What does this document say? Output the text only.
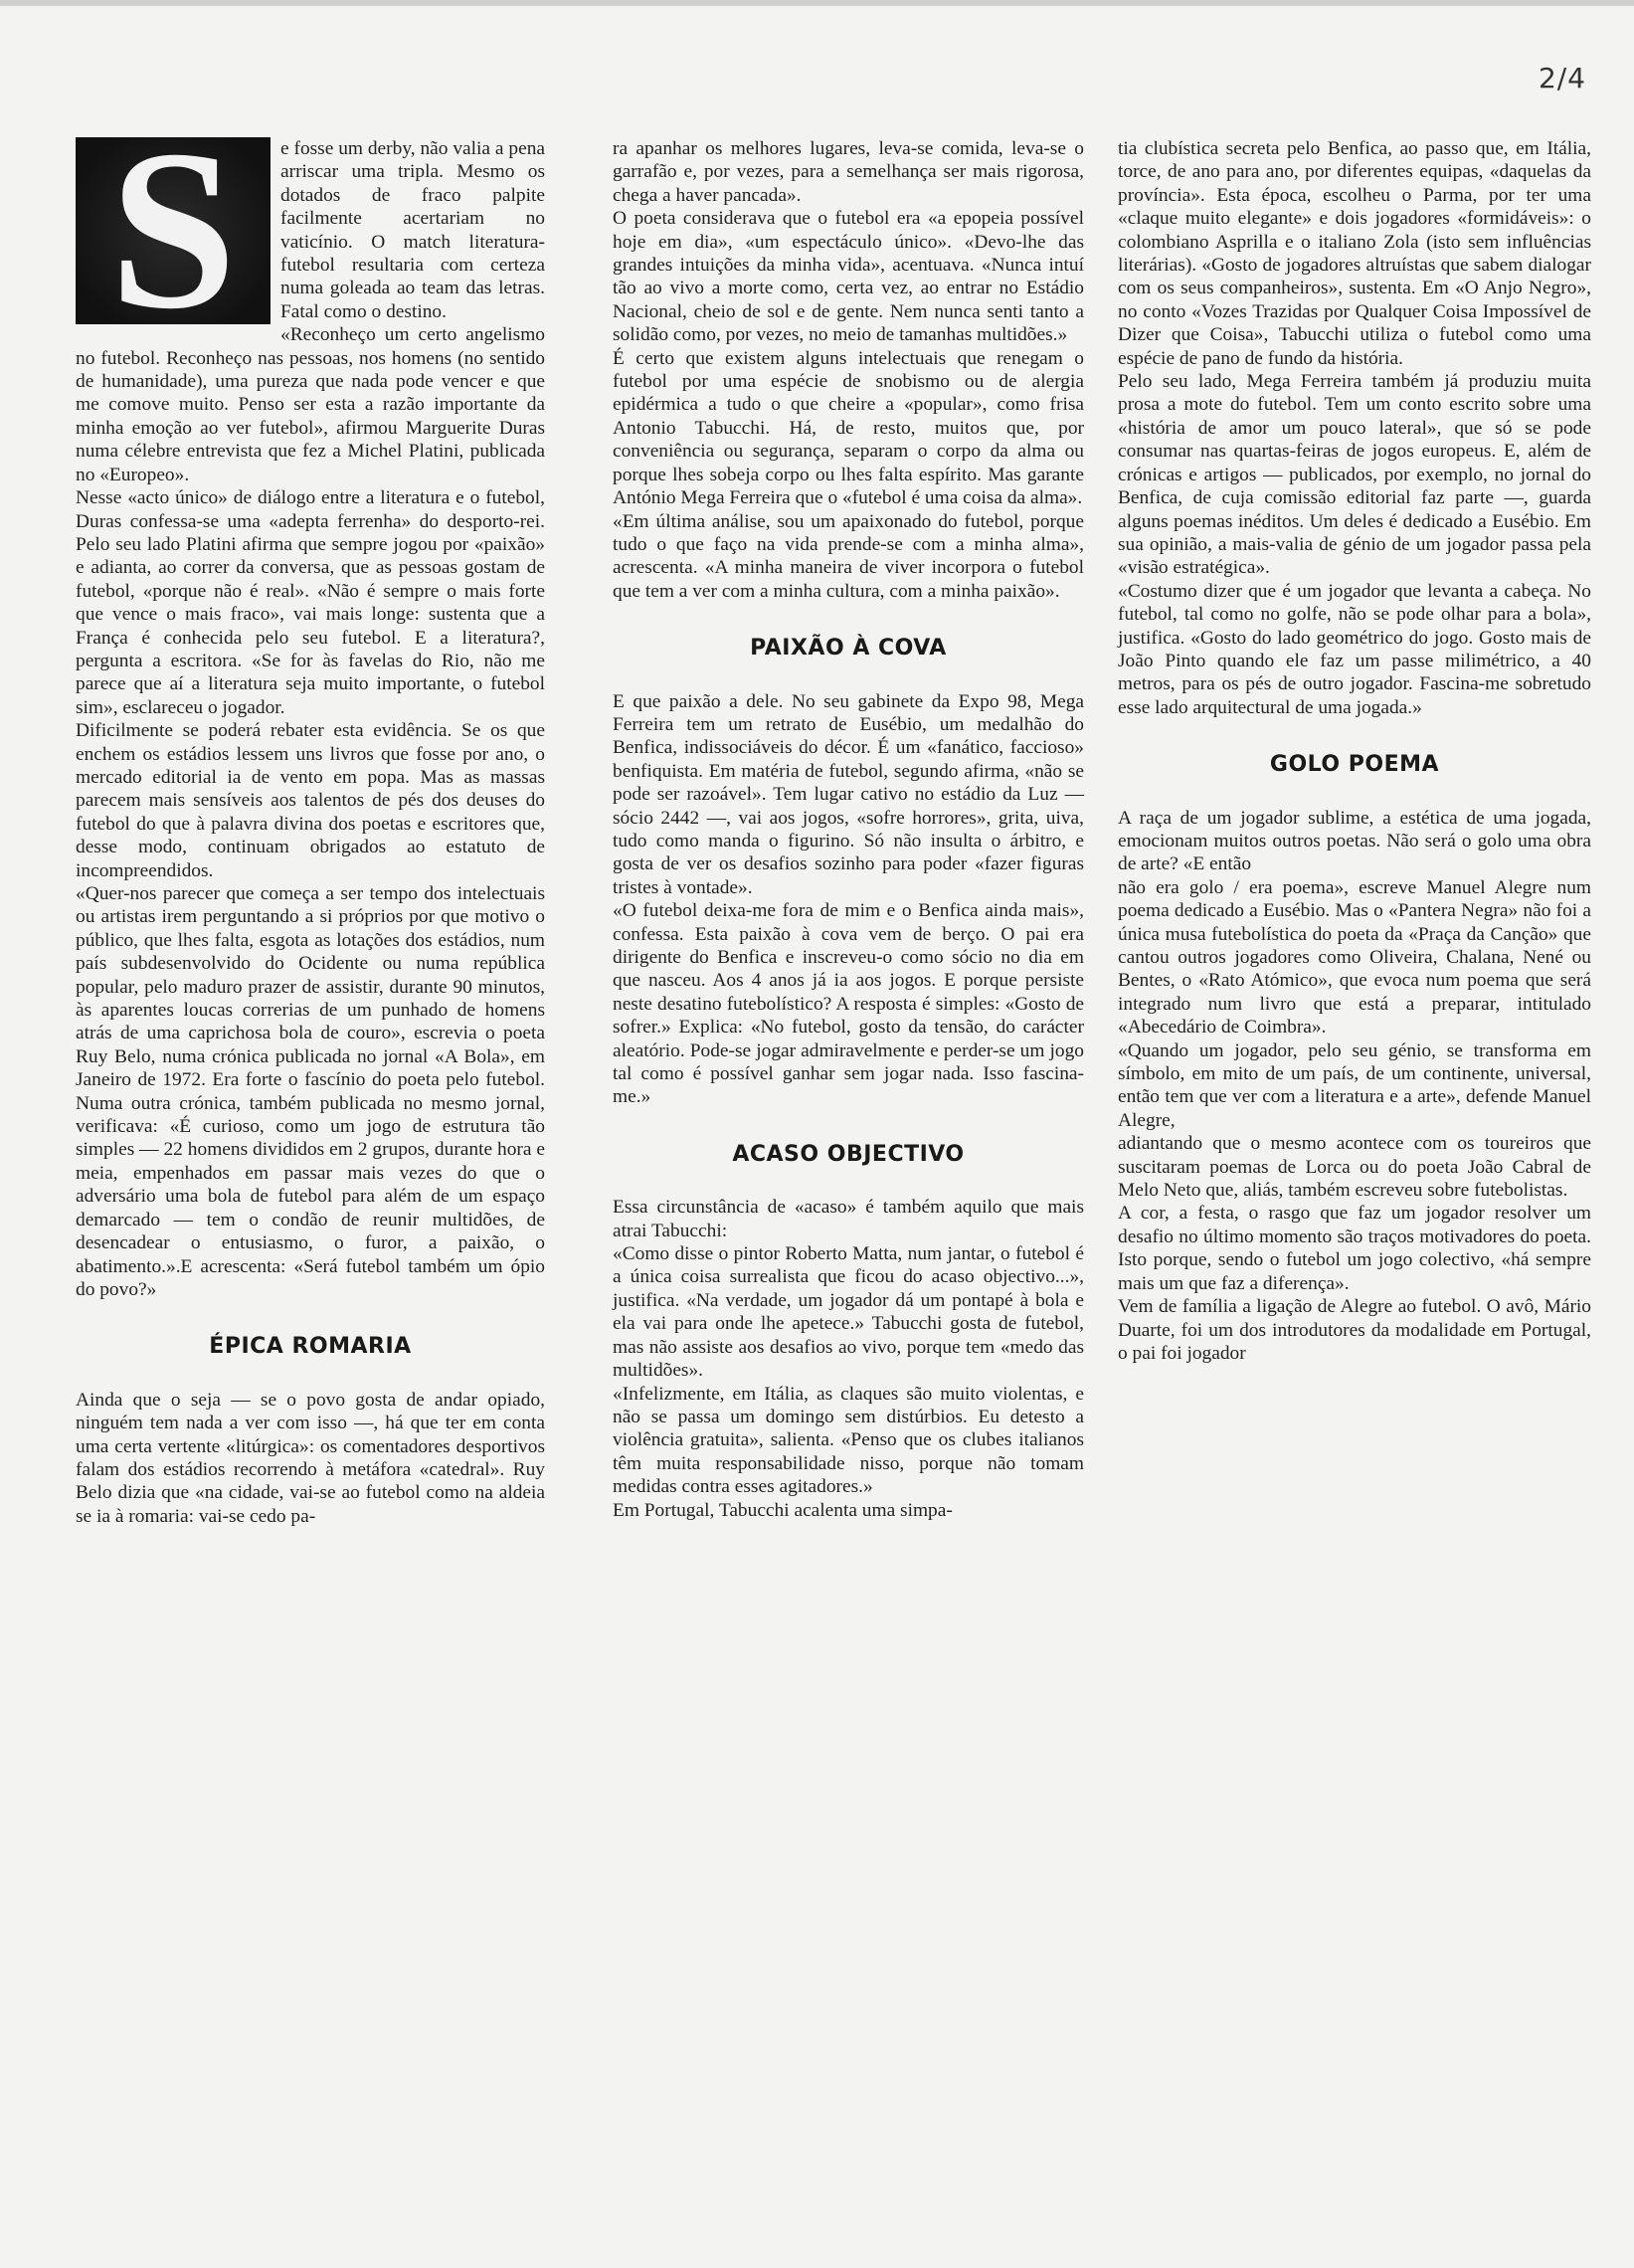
2/4
S	e fosse um derby, não valia a pena arriscar uma tripla. Mesmo os dotados de fraco palpite facilmente acertariam no vaticínio. O match literatura-futebol resultaria com certeza numa goleada ao team das letras. Fatal como o destino.

«Reconheço um certo angelismo no futebol. Reconheço nas pessoas, nos homens (no sentido de humanidade), uma pureza que nada pode vencer e que me comove muito. Penso ser esta a razão importante da minha emoção ao ver futebol», afirmou Marguerite Duras numa célebre entrevista que fez a Michel Platini, publicada no «Europeo».

Nesse «acto único» de diálogo entre a literatura e o futebol, Duras confessa-se uma «adepta ferrenha» do desporto-rei. Pelo seu lado Platini afirma que sempre jogou por «paixão» e adianta, ao correr da conversa, que as pessoas gostam de futebol, «porque não é real». «Não é sempre o mais forte que vence o mais fraco», vai mais longe: sustenta que a França é conhecida pelo seu futebol. E a literatura?, pergunta a escritora. «Se for às favelas do Rio, não me parece que aí a literatura seja muito importante, o futebol sim», esclareceu o jogador.

Dificilmente se poderá rebater esta evidência. Se os que enchem os estádios lessem uns livros que fosse por ano, o mercado editorial ia de vento em popa. Mas as massas parecem mais sensíveis aos talentos de pés dos deuses do futebol do que à palavra divina dos poetas e escritores que, desse modo, continuam obrigados ao estatuto de incompreendidos.

«Quer-nos parecer que começa a ser tempo dos intelectuais ou artistas irem perguntando a si próprios por que motivo o público, que lhes falta, esgota as lotações dos estádios, num país subdesenvolvido do Ocidente ou numa república popular, pelo maduro prazer de assistir, durante 90 minutos, às aparentes loucas correrias de um punhado de homens atrás de uma caprichosa bola de couro», escrevia o poeta Ruy Belo, numa crónica publicada no jornal «A Bola», em Janeiro de 1972. Era forte o fascínio do poeta pelo futebol. Numa outra crónica, também publicada no mesmo jornal, verificava: «É curioso, como um jogo de estrutura tão simples — 22 homens divididos em 2 grupos, durante hora e meia, empenhados em passar mais vezes do que o adversário uma bola de futebol para além de um espaço demarcado — tem o condão de reunir multidões, de desencadear o entusiasmo, o furor, a paixão, o abatimento.».E acrescenta: «Será futebol também um ópio do povo?»

ÉPICA ROMARIA

Ainda que o seja — se o povo gosta de andar opiado, ninguém tem nada a ver com isso —, há que ter em conta uma certa vertente «litúrgica»: os comentadores desportivos falam dos estádios recorrendo à metáfora «catedral». Ruy Belo dizia que «na cidade, vai-se ao futebol como na aldeia se ia à romaria: vai-se cedo pa-

ra apanhar os melhores lugares, leva-se comida, leva-se o garrafão e, por vezes, para a semelhança ser mais rigorosa, chega a haver pancada».

O poeta considerava que o futebol era «a epopeia possível hoje em dia», «um espectáculo único». «Devo-lhe das grandes intuições da minha vida», acentuava. «Nunca intuí tão ao vivo a morte como, certa vez, ao entrar no Estádio Nacional, cheio de sol e de gente. Nem nunca senti tanto a solidão como, por vezes, no meio de tamanhas multidões.»

É certo que existem alguns intelectuais que renegam o futebol por uma espécie de snobismo ou de alergia epidérmica a tudo o que cheire a «popular», como frisa Antonio Tabucchi. Há, de resto, muitos que, por conveniência ou segurança, separam o corpo da alma ou porque lhes sobeja corpo ou lhes falta espírito. Mas garante António Mega Ferreira que o «futebol é uma coisa da alma».

«Em última análise, sou um apaixonado do futebol, porque tudo o que faço na vida prende-se com a minha alma», acrescenta. «A minha maneira de viver incorpora o futebol que tem a ver com a minha cultura, com a minha paixão».

PAIXÃO À COVA

E que paixão a dele. No seu gabinete da Expo 98, Mega Ferreira tem um retrato de Eusébio, um medalhão do Benfica, indissociáveis do décor. É um «fanático, faccioso» benfiquista. Em matéria de futebol, segundo afirma, «não se pode ser razoável». Tem lugar cativo no estádio da Luz — sócio 2442 —, vai aos jogos, «sofre horrores», grita, uiva, tudo como manda o figurino. Só não insulta o árbitro, e gosta de ver os desafios sozinho para poder «fazer figuras tristes à vontade».

«O futebol deixa-me fora de mim e o Benfica ainda mais», confessa. Esta paixão à cova vem de berço. O pai era dirigente do Benfica e inscreveu-o como sócio no dia em que nasceu. Aos 4 anos já ia aos jogos. E porque persiste neste desatino futebolístico? A resposta é simples: «Gosto de sofrer.» Explica: «No futebol, gosto da tensão, do carácter aleatório. Pode-se jogar admiravelmente e perder-se um jogo tal como é possível ganhar sem jogar nada. Isso fascina-me.»

ACASO OBJECTIVO

Essa circunstância de «acaso» é também aquilo que mais atrai Tabucchi:

«Como disse o pintor Roberto Matta, num jantar, o futebol é a única coisa surrealista que ficou do acaso objectivo...», justifica. «Na verdade, um jogador dá um pontapé à bola e ela vai para onde lhe apetece.» Tabucchi gosta de futebol, mas não assiste aos desafios ao vivo, porque tem «medo das multidões».

«Infelizmente, em Itália, as claques são muito violentas, e não se passa um domingo sem distúrbios. Eu detesto a violência gratuita», salienta. «Penso que os clubes italianos têm muita responsabilidade nisso, porque não tomam medidas contra esses agitadores.»

Em Portugal, Tabucchi acalenta uma simpa-

tia clubística secreta pelo Benfica, ao passo que, em Itália, torce, de ano para ano, por diferentes equipas, «daquelas da província». Esta época, escolheu o Parma, por ter uma «claque muito elegante» e dois jogadores «formidáveis»: o colombiano Asprilla e o italiano Zola (isto sem influências literárias). «Gosto de jogadores altruístas que sabem dialogar com os seus companheiros», sustenta. Em «O Anjo Negro», no conto «Vozes Trazidas por Qualquer Coisa Impossível de Dizer que Coisa», Tabucchi utiliza o futebol como uma espécie de pano de fundo da história.

Pelo seu lado, Mega Ferreira também já produziu muita prosa a mote do futebol. Tem um conto escrito sobre uma «história de amor um pouco lateral», que só se pode consumar nas quartas-feiras de jogos europeus. E, além de crónicas e artigos — publicados, por exemplo, no jornal do Benfica, de cuja comissão editorial faz parte —, guarda alguns poemas inéditos. Um deles é dedicado a Eusébio. Em sua opinião, a mais-valia de génio de um jogador passa pela «visão estratégica».

«Costumo dizer que é um jogador que levanta a cabeça. No futebol, tal como no golfe, não se pode olhar para a bola», justifica. «Gosto do lado geométrico do jogo. Gosto mais de João Pinto quando ele faz um passe milimétrico, a 40 metros, para os pés de outro jogador. Fascina-me sobretudo esse lado arquitectural de uma jogada.»

GOLO POEMA

A raça de um jogador sublime, a estética de uma jogada, emocionam muitos outros poetas. Não será o golo uma obra de arte? «E então

não era golo / era poema», escreve Manuel Alegre num poema dedicado a Eusébio. Mas o «Pantera Negra» não foi a única musa futebolística do poeta da «Praça da Canção» que cantou outros jogadores como Oliveira, Chalana, Nené ou Bentes, o «Rato Atómico», que evoca num poema que será integrado num livro que está a preparar, intitulado «Abecedário de Coimbra».

«Quando um jogador, pelo seu génio, se transforma em símbolo, em mito de um país, de um continente, universal, então tem que ver com a literatura e a arte», defende Manuel Alegre,

adiantando que o mesmo acontece com os toureiros que suscitaram poemas de Lorca ou do poeta João Cabral de Melo Neto que, aliás, também escreveu sobre futebolistas.

A cor, a festa, o rasgo que faz um jogador resolver um desafio no último momento são traços motivadores do poeta. Isto porque, sendo o futebol um jogo colectivo, «há sempre mais um que faz a diferença».

Vem de família a ligação de Alegre ao futebol. O avô, Mário Duarte, foi um dos introdutores da modalidade em Portugal, o pai foi jogador
